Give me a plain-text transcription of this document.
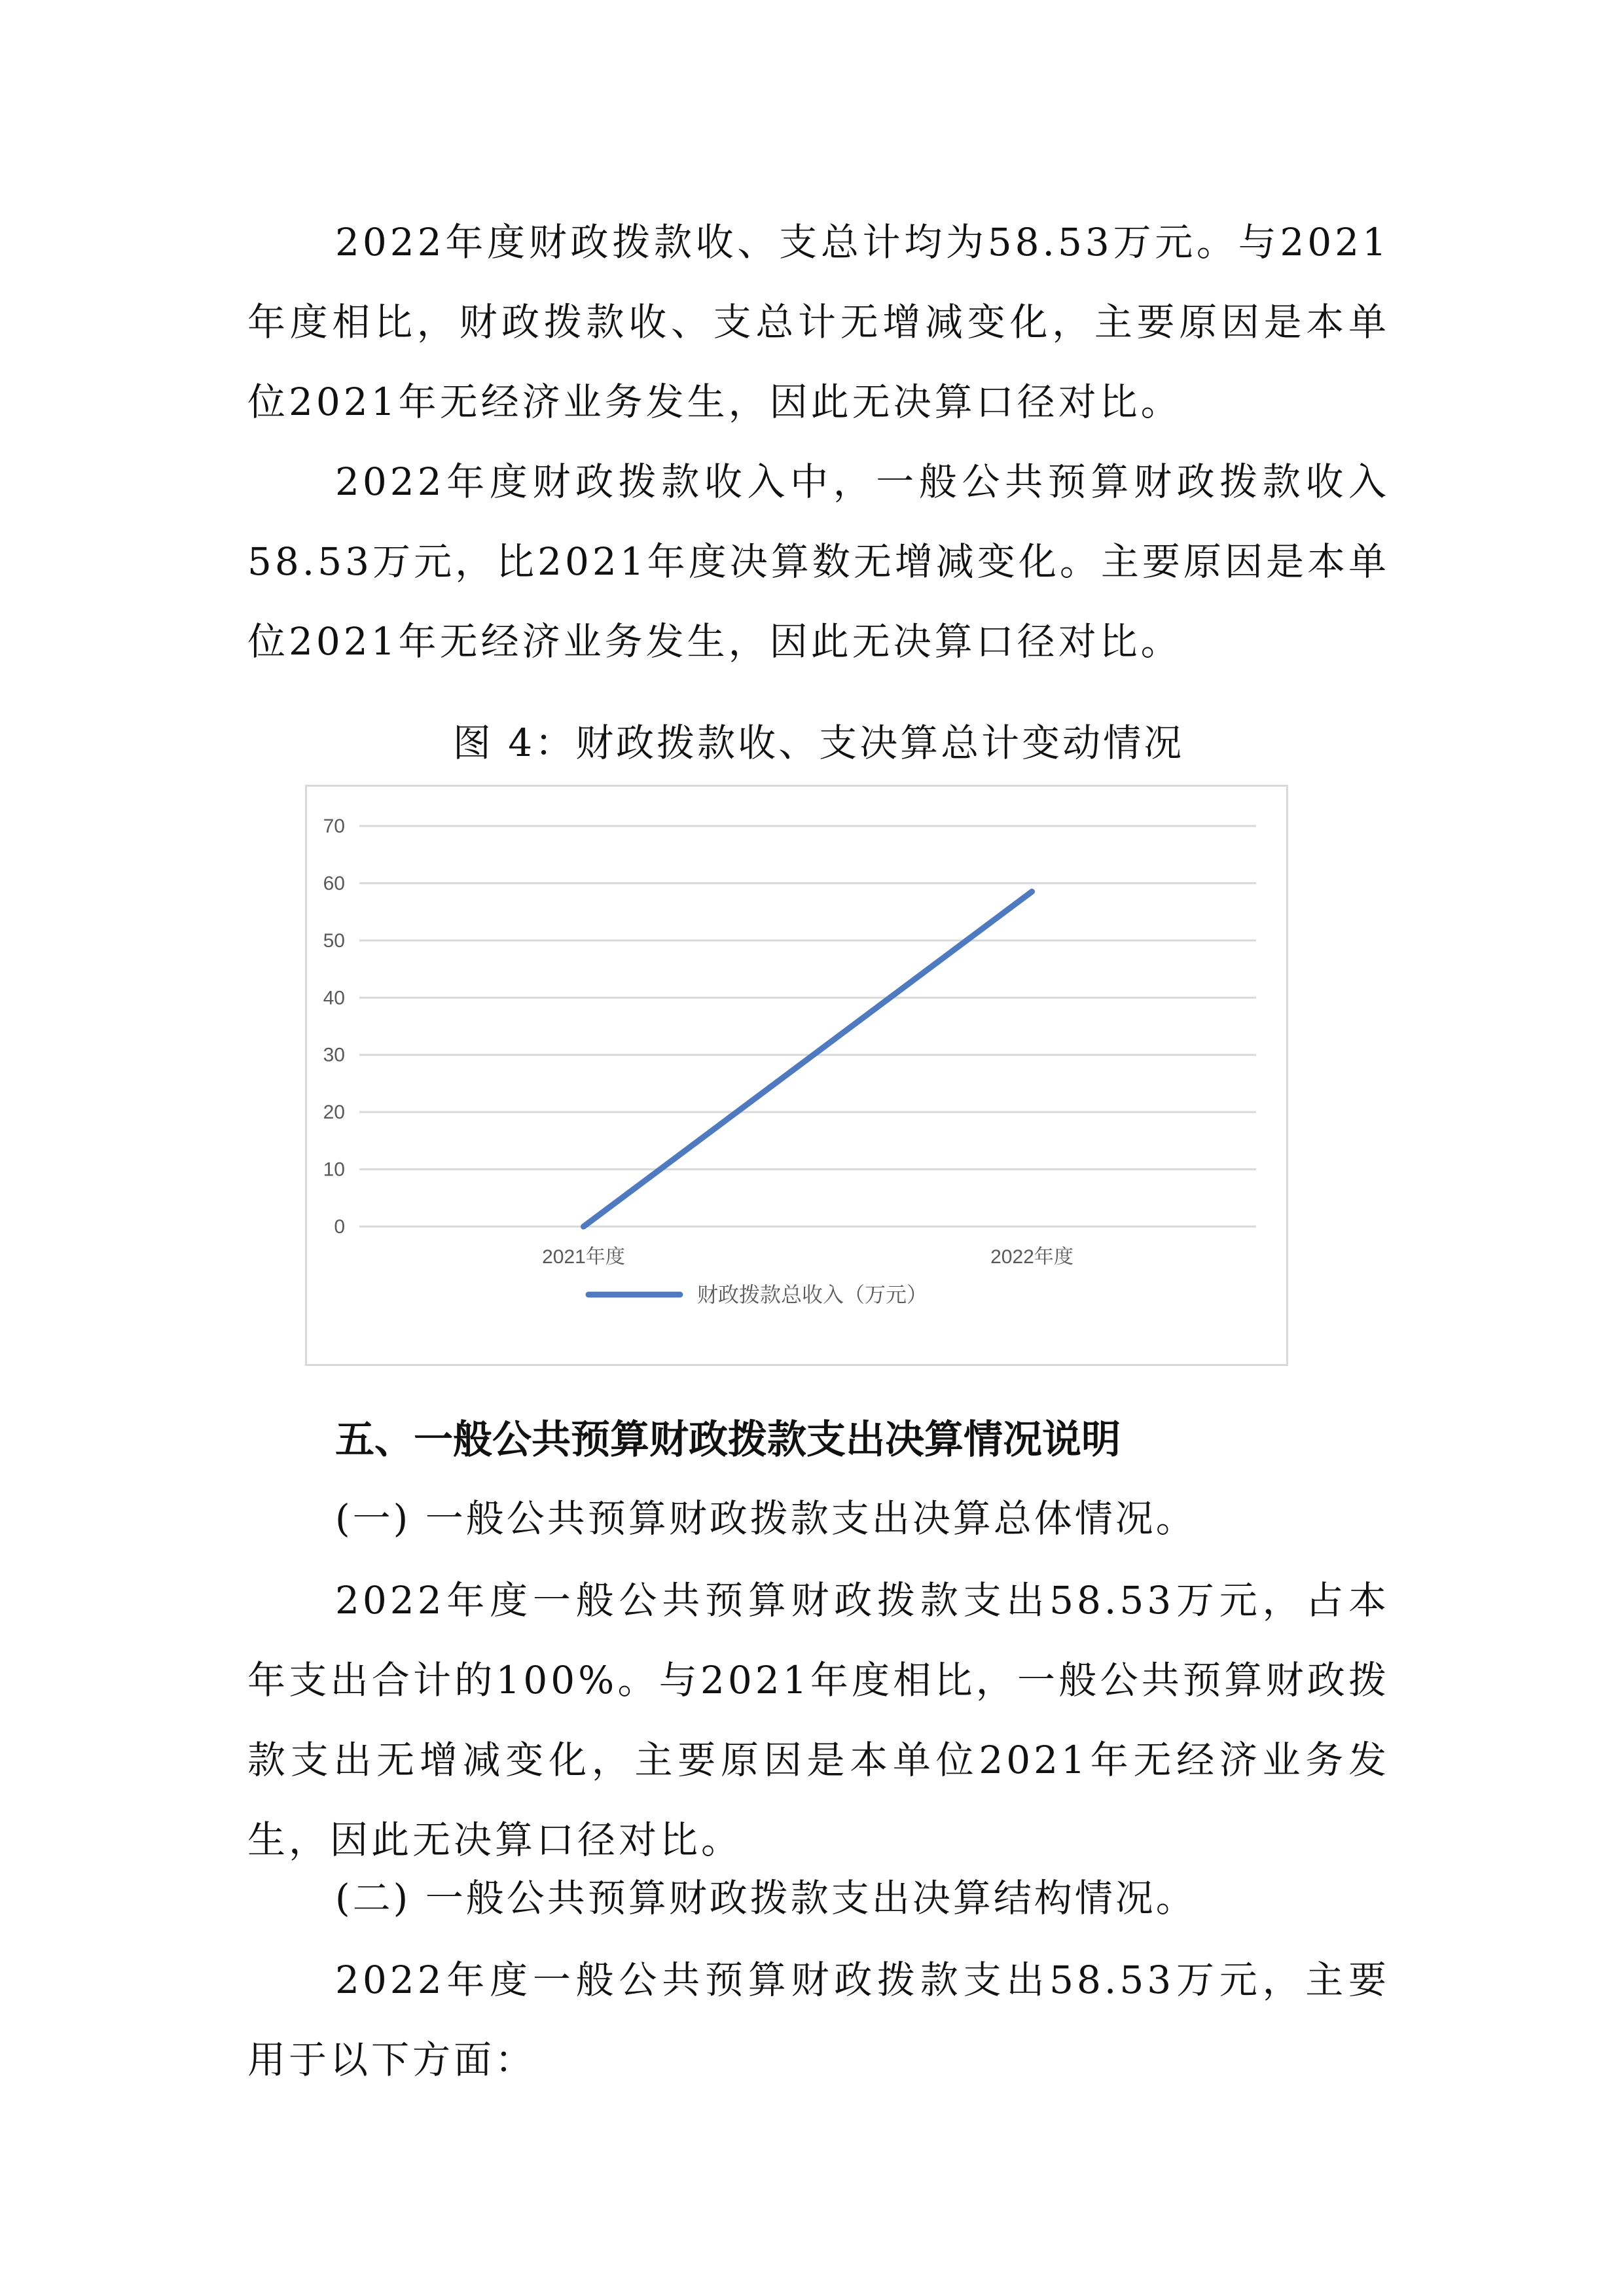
2022年度财政拨款收、支总计均为58.53万元。与2021年度相比，财政拨款收、支总计无增减变化，主要原因是本单位2021年无经济业务发生，因此无决算口径对比。

2022年度财政拨款收入中，一般公共预算财政拨款收入58.53万元，比2021年度决算数无增减变化。主要原因是本单位2021年无经济业务发生，因此无决算口径对比。

图 4：财政拨款收、支决算总计变动情况

0
10
20
30
40
50
60
70
2021年度	2022年度
财政拨款总收入（万元）
五、一般公共预算财政拨款支出决算情况说明

(一) 一般公共预算财政拨款支出决算总体情况。

2022年度一般公共预算财政拨款支出58.53万元，占本年支出合计的100%。与2021年度相比，一般公共预算财政拨款支出无增减变化，主要原因是本单位2021年无经济业务发生，因此无决算口径对比。

(二) 一般公共预算财政拨款支出决算结构情况。

2022年度一般公共预算财政拨款支出58.53万元，主要用于以下方面：
